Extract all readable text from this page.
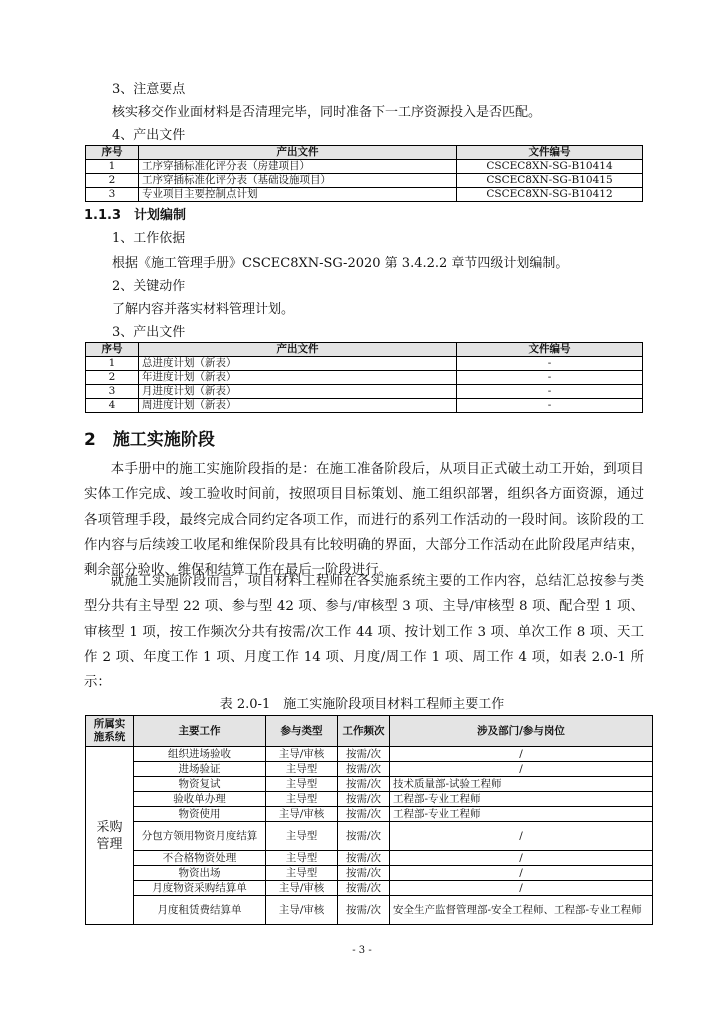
3、注意要点
核实移交作业面材料是否清理完毕，同时准备下一工序资源投入是否匹配。
4、产出文件
序号	产出文件	文件编号
1	工序穿插标准化评分表（房建项目）	CSCEC8XN-SG-B10414
2	工序穿插标准化评分表（基础设施项目）	CSCEC8XN-SG-B10415
3	专业项目主要控制点计划	CSCEC8XN-SG-B10412
1.1.3　计划编制
1、工作依据
根据《施工管理手册》CSCEC8XN-SG-2020 第 3.4.2.2 章节四级计划编制。
2、关键动作
了解内容并落实材料管理计划。
3、产出文件
序号	产出文件	文件编号
1	总进度计划（新表）	-
2	年进度计划（新表）	-
3	月进度计划（新表）	-
4	周进度计划（新表）	-
2　施工实施阶段
本手册中的施工实施阶段指的是：在施工准备阶段后，从项目正式破土动工开始，到项目实体工作完成、竣工验收时间前，按照项目目标策划、施工组织部署，组织各方面资源，通过各项管理手段，最终完成合同约定各项工作，而进行的系列工作活动的一段时间。该阶段的工作内容与后续竣工收尾和维保阶段具有比较明确的界面，大部分工作活动在此阶段尾声结束，剩余部分验收、维保和结算工作在最后一阶段进行。
就施工实施阶段而言，项目材料工程师在各实施系统主要的工作内容，总结汇总按参与类型分共有主导型 22 项、参与型 42 项、参与/审核型 3 项、主导/审核型 8 项、配合型 1 项、审核型 1 项，按工作频次分共有按需/次工作 44 项、按计划工作 3 项、单次工作 8 项、天工作 2 项、年度工作 1 项、月度工作 14 项、月度/周工作 1 项、周工作 4 项，如表 2.0-1 所示：
表 2.0-1　施工实施阶段项目材料工程师主要工作
所属实施系统	主要工作	参与类型	工作频次	涉及部门/参与岗位
采购管理	组织进场验收	主导/审核	按需/次	/
	进场验证	主导型	按需/次	/
	物资复试	主导型	按需/次	技术质量部-试验工程师
	验收单办理	主导型	按需/次	工程部-专业工程师
	物资使用	主导/审核	按需/次	工程部-专业工程师
	分包方领用物资月度结算	主导型	按需/次	/
	不合格物资处理	主导型	按需/次	/
	物资出场	主导型	按需/次	/
	月度物资采购结算单	主导/审核	按需/次	/
	月度租赁费结算单	主导/审核	按需/次	安全生产监督管理部-安全工程师、工程部-专业工程师
- 3 -
